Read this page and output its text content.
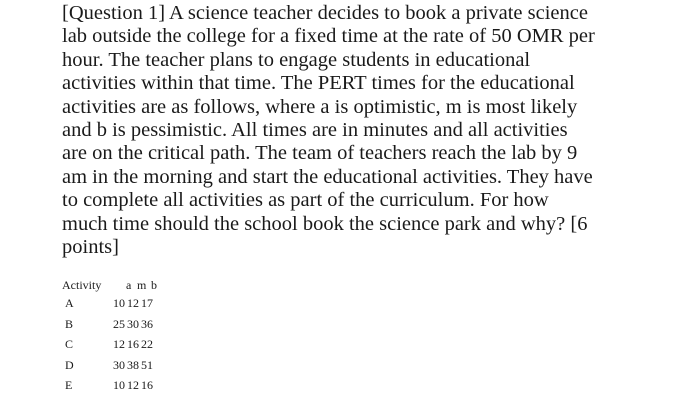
[Question 1] A science teacher decides to book a private science
lab outside the college for a fixed time at the rate of 50 OMR per
hour. The teacher plans to engage students in educational
activities within that time. The PERT times for the educational
activities are as follows, where a is optimistic, m is most likely
and b is pessimistic. All times are in minutes and all activities
are on the critical path. The team of teachers reach the lab by 9
am in the morning and start the educational activities. They have
to complete all activities as part of the curriculum. For how
much time should the school book the science park and why? [6
points]
Activity a m b
A	10 12 17
B	25 30 36
C	12 16 22
D	30 38 51
E	10 12 16
